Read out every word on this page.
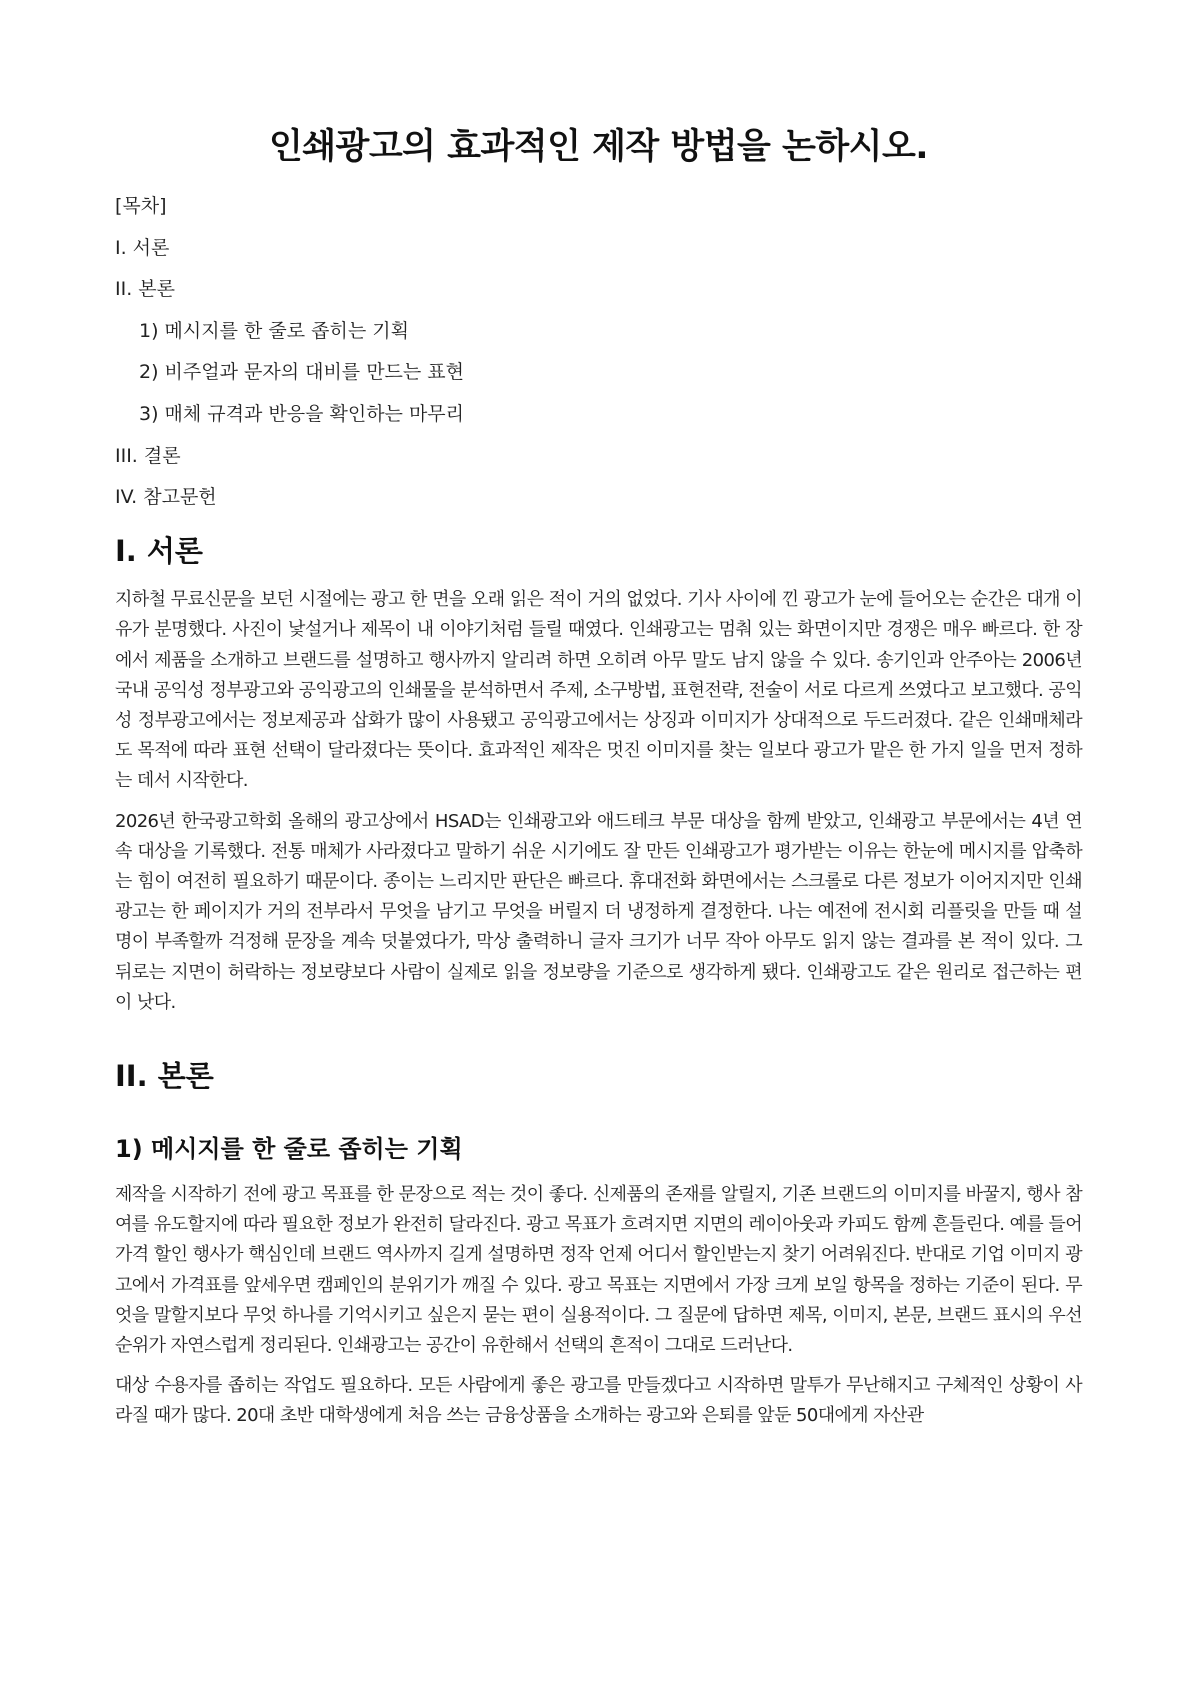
인쇄광고의 효과적인 제작 방법을 논하시오.
[목차]
I. 서론
II. 본론
1) 메시지를 한 줄로 좁히는 기획
2) 비주얼과 문자의 대비를 만드는 표현
3) 매체 규격과 반응을 확인하는 마무리
III. 결론
IV. 참고문헌
I. 서론

지하철 무료신문을 보던 시절에는 광고 한 면을 오래 읽은 적이 거의 없었다. 기사 사이에 낀 광고가 눈에 들어오는 순간은 대개 이유가 분명했다. 사진이 낯설거나 제목이 내 이야기처럼 들릴 때였다. 인쇄광고는 멈춰 있는 화면이지만 경쟁은 매우 빠르다. 한 장에서 제품을 소개하고 브랜드를 설명하고 행사까지 알리려 하면 오히려 아무 말도 남지 않을 수 있다. 송기인과 안주아는 2006년 국내 공익성 정부광고와 공익광고의 인쇄물을 분석하면서 주제, 소구방법, 표현전략, 전술이 서로 다르게 쓰였다고 보고했다. 공익성 정부광고에서는 정보제공과 삽화가 많이 사용됐고 공익광고에서는 상징과 이미지가 상대적으로 두드러졌다. 같은 인쇄매체라도 목적에 따라 표현 선택이 달라졌다는 뜻이다. 효과적인 제작은 멋진 이미지를 찾는 일보다 광고가 맡은 한 가지 일을 먼저 정하는 데서 시작한다.

2026년 한국광고학회 올해의 광고상에서 HSAD는 인쇄광고와 애드테크 부문 대상을 함께 받았고, 인쇄광고 부문에서는 4년 연속 대상을 기록했다. 전통 매체가 사라졌다고 말하기 쉬운 시기에도 잘 만든 인쇄광고가 평가받는 이유는 한눈에 메시지를 압축하는 힘이 여전히 필요하기 때문이다. 종이는 느리지만 판단은 빠르다. 휴대전화 화면에서는 스크롤로 다른 정보가 이어지지만 인쇄광고는 한 페이지가 거의 전부라서 무엇을 남기고 무엇을 버릴지 더 냉정하게 결정한다. 나는 예전에 전시회 리플릿을 만들 때 설명이 부족할까 걱정해 문장을 계속 덧붙였다가, 막상 출력하니 글자 크기가 너무 작아 아무도 읽지 않는 결과를 본 적이 있다. 그 뒤로는 지면이 허락하는 정보량보다 사람이 실제로 읽을 정보량을 기준으로 생각하게 됐다. 인쇄광고도 같은 원리로 접근하는 편이 낫다.

II. 본론
1) 메시지를 한 줄로 좁히는 기획

제작을 시작하기 전에 광고 목표를 한 문장으로 적는 것이 좋다. 신제품의 존재를 알릴지, 기존 브랜드의 이미지를 바꿀지, 행사 참여를 유도할지에 따라 필요한 정보가 완전히 달라진다. 광고 목표가 흐려지면 지면의 레이아웃과 카피도 함께 흔들린다. 예를 들어 가격 할인 행사가 핵심인데 브랜드 역사까지 길게 설명하면 정작 언제 어디서 할인받는지 찾기 어려워진다. 반대로 기업 이미지 광고에서 가격표를 앞세우면 캠페인의 분위기가 깨질 수 있다. 광고 목표는 지면에서 가장 크게 보일 항목을 정하는 기준이 된다. 무엇을 말할지보다 무엇 하나를 기억시키고 싶은지 묻는 편이 실용적이다. 그 질문에 답하면 제목, 이미지, 본문, 브랜드 표시의 우선순위가 자연스럽게 정리된다. 인쇄광고는 공간이 유한해서 선택의 흔적이 그대로 드러난다.

대상 수용자를 좁히는 작업도 필요하다. 모든 사람에게 좋은 광고를 만들겠다고 시작하면 말투가 무난해지고 구체적인 상황이 사라질 때가 많다. 20대 초반 대학생에게 처음 쓰는 금융상품을 소개하는 광고와 은퇴를 앞둔 50대에게 자산관
